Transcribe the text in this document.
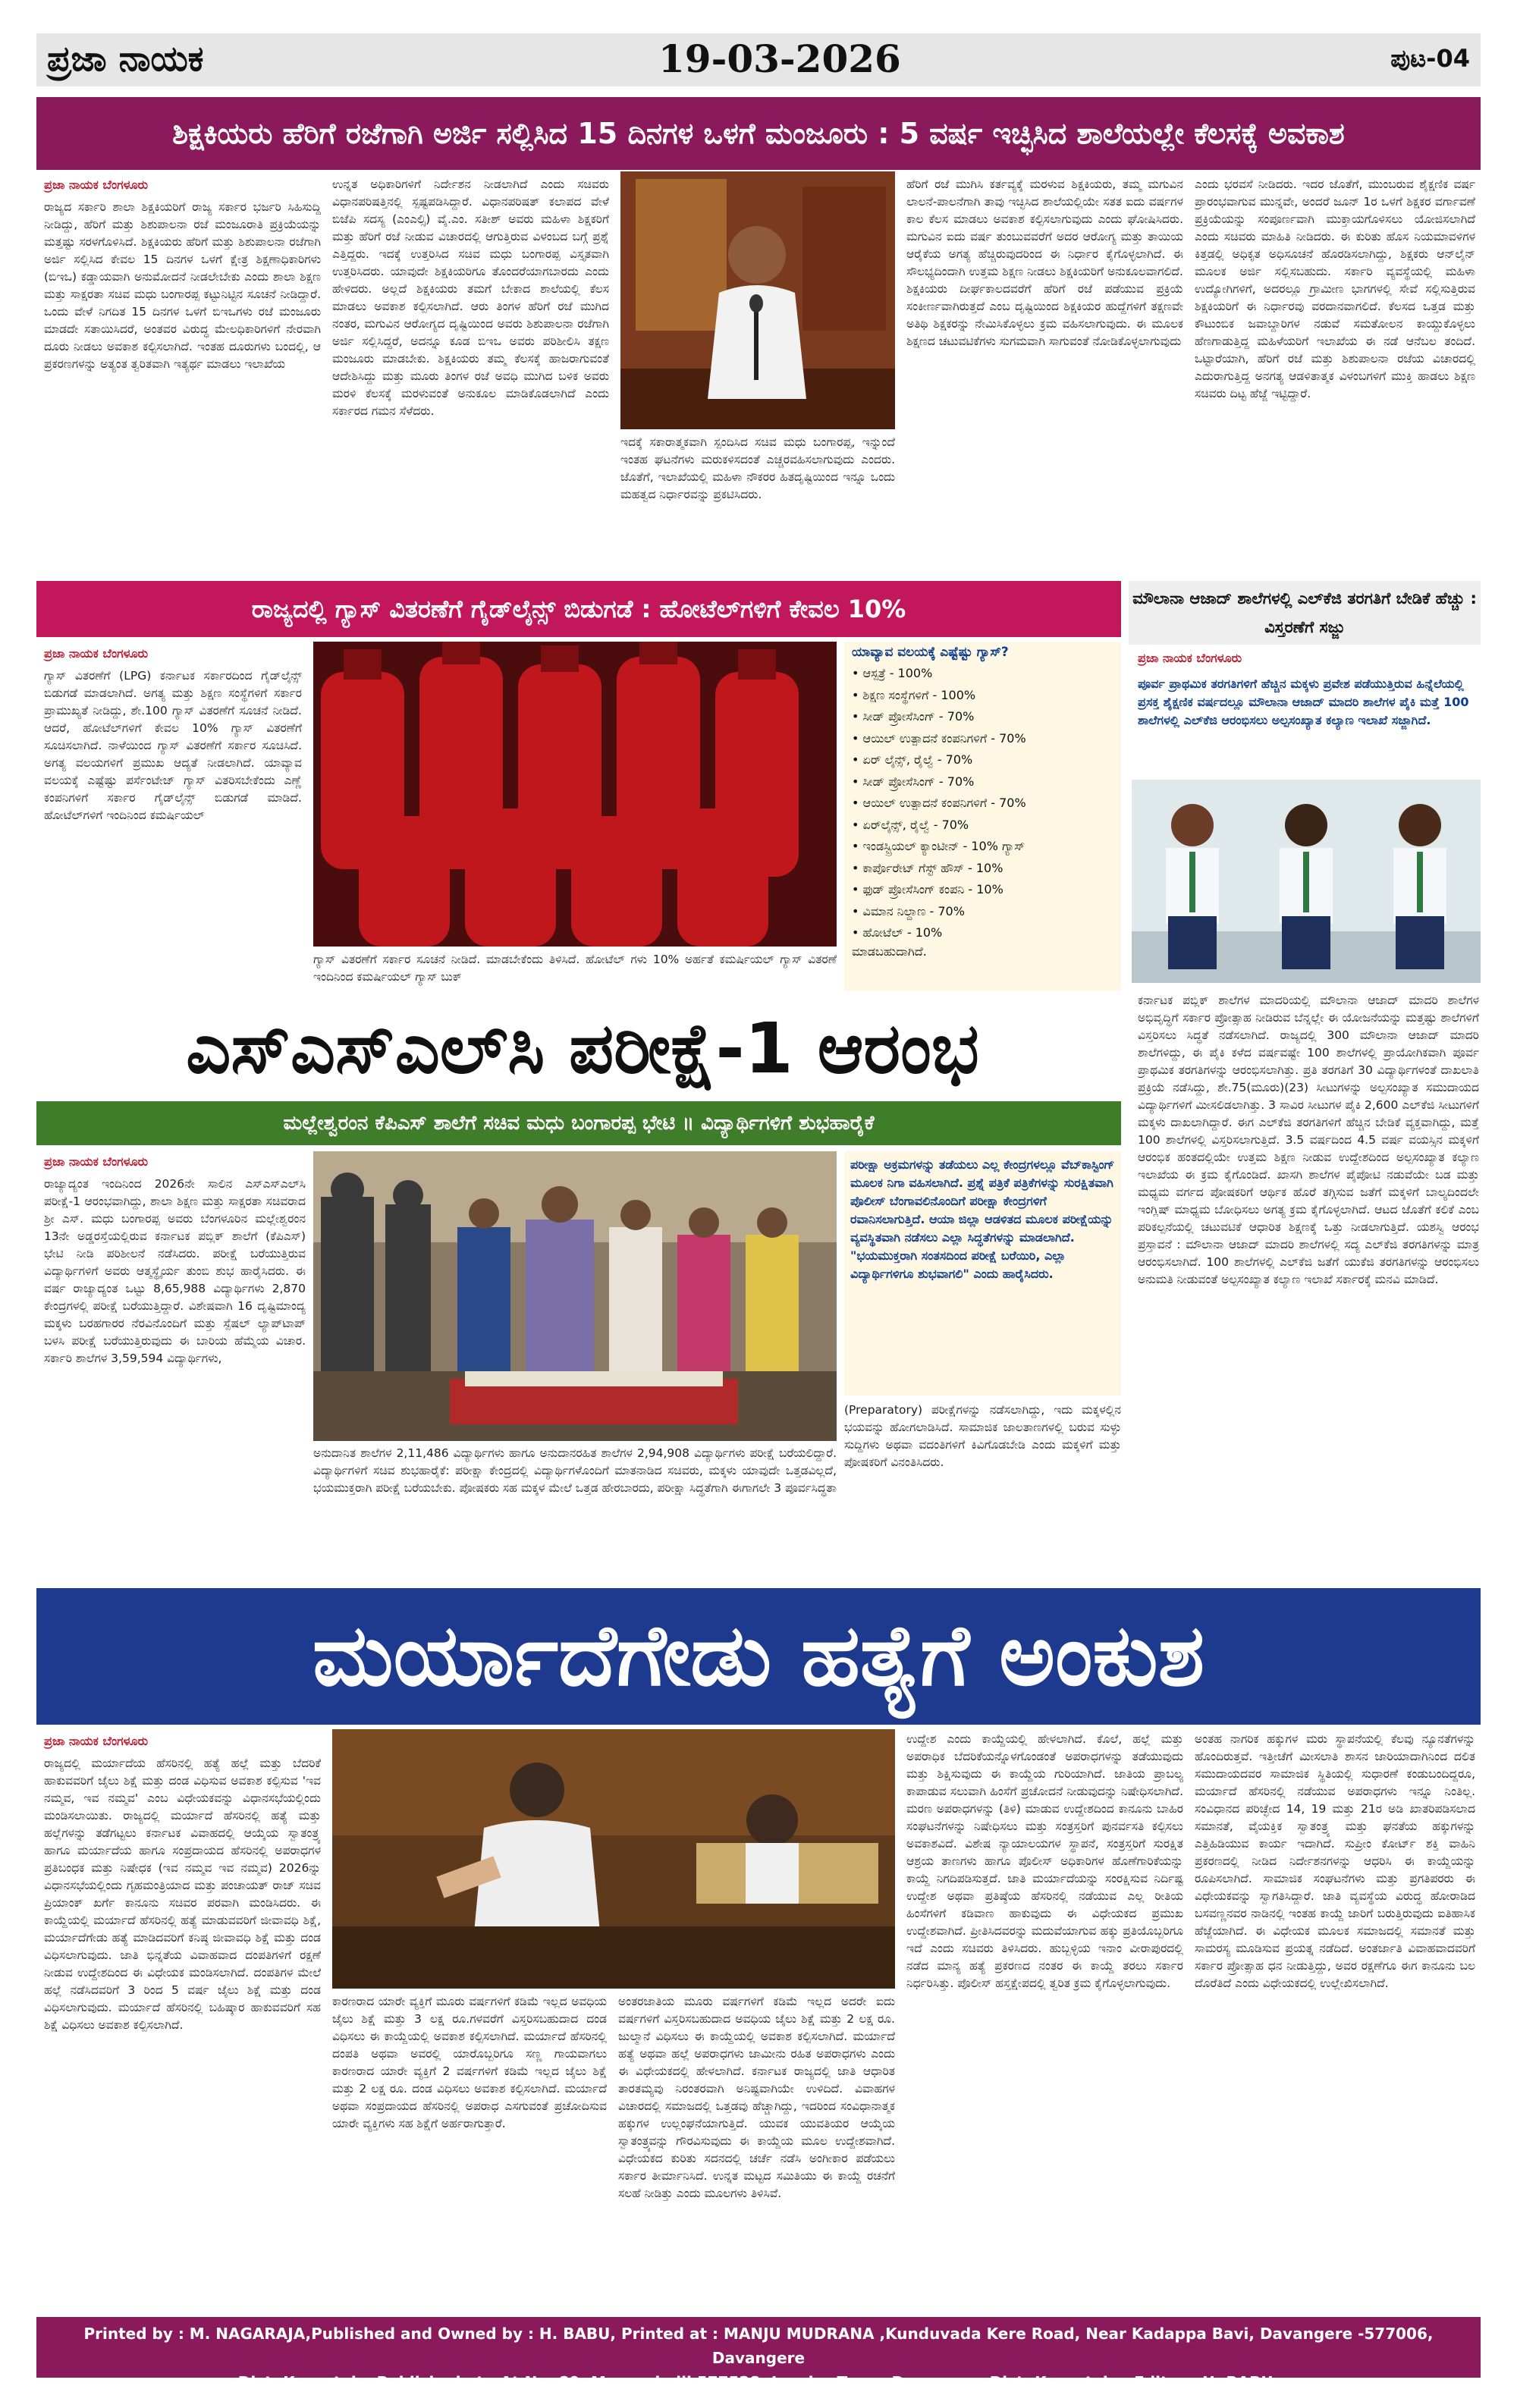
ಪ್ರಜಾ ನಾಯಕ	19-03-2026	ಪುಟ-04
ಶಿಕ್ಷಕಿಯರು ಹೆರಿಗೆ ರಜೆಗಾಗಿ ಅರ್ಜಿ ಸಲ್ಲಿಸಿದ 15 ದಿನಗಳ ಒಳಗೆ ಮಂಜೂರು : 5 ವರ್ಷ ಇಚ್ಛಿಸಿದ ಶಾಲೆಯಲ್ಲೇ ಕೆಲಸಕ್ಕೆ ಅವಕಾಶ
ಪ್ರಜಾ ನಾಯಕ ಬೆಂಗಳೂರು
ರಾಜ್ಯದ ಸರ್ಕಾರಿ ಶಾಲಾ ಶಿಕ್ಷಕಿಯರಿಗೆ ರಾಜ್ಯ ಸರ್ಕಾರ ಭರ್ಜರಿ ಸಿಹಿಸುದ್ದಿ ನೀಡಿದ್ದು, ಹೆರಿಗೆ ಮತ್ತು ಶಿಶುಪಾಲನಾ ರಜೆ ಮಂಜೂರಾತಿ ಪ್ರಕ್ರಿಯೆಯನ್ನು ಮತ್ತಷ್ಟು ಸರಳಗೊಳಿಸಿದೆ. ಶಿಕ್ಷಕಿಯರು ಹೆರಿಗೆ ಮತ್ತು ಶಿಶುಪಾಲನಾ ರಜೆಗಾಗಿ ಅರ್ಜಿ ಸಲ್ಲಿಸಿದ ಕೇವಲ 15 ದಿನಗಳ ಒಳಗೆ ಕ್ಷೇತ್ರ ಶಿಕ್ಷಣಾಧಿಕಾರಿಗಳು (ಬಿಇಒ) ಕಡ್ಡಾಯವಾಗಿ ಅನುಮೋದನೆ ನೀಡಲೇಬೇಕು ಎಂದು ಶಾಲಾ ಶಿಕ್ಷಣ ಮತ್ತು ಸಾಕ್ಷರತಾ ಸಚಿವ ಮಧು ಬಂಗಾರಪ್ಪ ಕಟ್ಟುನಿಟ್ಟಿನ ಸೂಚನೆ ನೀಡಿದ್ದಾರೆ. ಒಂದು ವೇಳೆ ನಿಗದಿತ 15 ದಿನಗಳ ಒಳಗೆ ಬಿಇಒಗಳು ರಜೆ ಮಂಜೂರು ಮಾಡದೇ ಸತಾಯಿಸಿದರೆ, ಅಂತವರ ವಿರುದ್ಧ ಮೇಲಧಿಕಾರಿಗಳಿಗೆ ನೇರವಾಗಿ ದೂರು ನೀಡಲು ಅವಕಾಶ ಕಲ್ಪಿಸಲಾಗಿದೆ. ಇಂತಹ ದೂರುಗಳು ಬಂದಲ್ಲಿ, ಆ ಪ್ರಕರಣಗಳನ್ನು ಅತ್ಯಂತ ತ್ವರಿತವಾಗಿ ಇತ್ಯರ್ಥ ಮಾಡಲು ಇಲಾಖೆಯ
ಉನ್ನತ ಅಧಿಕಾರಿಗಳಿಗೆ ನಿರ್ದೇಶನ ನೀಡಲಾಗಿದೆ ಎಂದು ಸಚಿವರು ವಿಧಾನಪರಿಷತ್ತಿನಲ್ಲಿ ಸ್ಪಷ್ಟಪಡಿಸಿದ್ದಾರೆ. ವಿಧಾನಪರಿಷತ್ ಕಲಾಪದ ವೇಳೆ ಬಿಜೆಪಿ ಸದಸ್ಯ (ಎಂಎಲ್ಸಿ) ವೈ.ಎಂ. ಸತೀಶ್ ಅವರು ಮಹಿಳಾ ಶಿಕ್ಷಕರಿಗೆ ಮತ್ತು ಹೆರಿಗೆ ರಜೆ ನೀಡುವ ವಿಚಾರದಲ್ಲಿ ಆಗುತ್ತಿರುವ ವಿಳಂಬದ ಬಗ್ಗೆ ಪ್ರಶ್ನೆ ಎತ್ತಿದ್ದರು. ಇದಕ್ಕೆ ಉತ್ತರಿಸಿದ ಸಚಿವ ಮಧು ಬಂಗಾರಪ್ಪ ವಿಸ್ತೃತವಾಗಿ ಉತ್ತರಿಸಿದರು. ಯಾವುದೇ ಶಿಕ್ಷಕಿಯರಿಗೂ ತೊಂದರೆಯಾಗಬಾರದು ಎಂದು ಹೇಳಿದರು. ಅಲ್ಲದೆ ಶಿಕ್ಷಕಿಯರು ತಮಗೆ ಬೇಕಾದ ಶಾಲೆಯಲ್ಲಿ ಕೆಲಸ ಮಾಡಲು ಅವಕಾಶ ಕಲ್ಪಿಸಲಾಗಿದೆ. ಆರು ತಿಂಗಳ ಹೆರಿಗೆ ರಜೆ ಮುಗಿದ ನಂತರ, ಮಗುವಿನ ಆರೋಗ್ಯದ ದೃಷ್ಟಿಯಿಂದ ಅವರು ಶಿಶುಪಾಲನಾ ರಜೆಗಾಗಿ ಅರ್ಜಿ ಸಲ್ಲಿಸಿದ್ದರೆ, ಅದನ್ನೂ ಕೂಡ ಬಿಇಒ ಅವರು ಪರಿಶೀಲಿಸಿ ತಕ್ಷಣ ಮಂಜೂರು ಮಾಡಬೇಕು. ಶಿಕ್ಷಕಿಯರು ತಮ್ಮ ಕೆಲಸಕ್ಕೆ ಹಾಜರಾಗುವಂತೆ ಆದೇಶಿಸಿದ್ದು ಮತ್ತು ಮೂರು ತಿಂಗಳ ರಜೆ ಅವಧಿ ಮುಗಿದ ಬಳಿಕ ಅವರು ಮರಳಿ ಕೆಲಸಕ್ಕೆ ಮರಳುವಂತೆ ಅನುಕೂಲ ಮಾಡಿಕೊಡಲಾಗಿದೆ ಎಂದು ಸರ್ಕಾರದ ಗಮನ ಸೆಳೆದರು.
ಇದಕ್ಕೆ ಸಕಾರಾತ್ಮಕವಾಗಿ ಸ್ಪಂದಿಸಿದ ಸಚಿವ ಮಧು ಬಂಗಾರಪ್ಪ, ಇನ್ನುಂದೆ ಇಂತಹ ಘಟನೆಗಳು ಮರುಕಳಿಸದಂತೆ ಎಚ್ಚರವಹಿಸಲಾಗುವುದು ಎಂದರು. ಜೊತೆಗೆ, ಇಲಾಖೆಯಲ್ಲಿ ಮಹಿಳಾ ನೌಕರರ ಹಿತದೃಷ್ಟಿಯಿಂದ ಇನ್ನೂ ಒಂದು ಮಹತ್ವದ ನಿರ್ಧಾರವನ್ನು ಪ್ರಕಟಿಸಿದರು.
ಹೆರಿಗೆ ರಜೆ ಮುಗಿಸಿ ಕರ್ತವ್ಯಕ್ಕೆ ಮರಳುವ ಶಿಕ್ಷಕಿಯರು, ತಮ್ಮ ಮಗುವಿನ ಲಾಲನೆ-ಪಾಲನೆಗಾಗಿ ತಾವು ಇಚ್ಛಿಸಿದ ಶಾಲೆಯಲ್ಲಿಯೇ ಸತತ ಐದು ವರ್ಷಗಳ ಕಾಲ ಕೆಲಸ ಮಾಡಲು ಅವಕಾಶ ಕಲ್ಪಿಸಲಾಗುವುದು ಎಂದು ಘೋಷಿಸಿದರು. ಮಗುವಿನ ಐದು ವರ್ಷ ತುಂಬುವವರೆಗೆ ಅದರ ಆರೋಗ್ಯ ಮತ್ತು ತಾಯಿಯ ಆರೈಕೆಯ ಅಗತ್ಯ ಹೆಚ್ಚಿರುವುದರಿಂದ ಈ ನಿರ್ಧಾರ ಕೈಗೊಳ್ಳಲಾಗಿದೆ. ಈ ಸೌಲಭ್ಯದಿಂದಾಗಿ ಉತ್ತಮ ಶಿಕ್ಷಣ ನೀಡಲು ಶಿಕ್ಷಕಿಯರಿಗೆ ಅನುಕೂಲವಾಗಲಿದೆ. ಶಿಕ್ಷಕಿಯರು ದೀರ್ಘಕಾಲದವರೆಗೆ ಹೆರಿಗೆ ರಜೆ ಪಡೆಯುವ ಪ್ರಕ್ರಿಯೆ ಸಂಕೀರ್ಣವಾಗಿರುತ್ತದೆ ಎಂಬ ದೃಷ್ಟಿಯಿಂದ ಶಿಕ್ಷಕಿಯರ ಹುದ್ದೆಗಳಿಗೆ ತಕ್ಷಣವೇ ಅತಿಥಿ ಶಿಕ್ಷಕರನ್ನು ನೇಮಿಸಿಕೊಳ್ಳಲು ಕ್ರಮ ವಹಿಸಲಾಗುವುದು. ಈ ಮೂಲಕ ಶಿಕ್ಷಣದ ಚಟುವಟಿಕೆಗಳು ಸುಗಮವಾಗಿ ಸಾಗುವಂತೆ ನೋಡಿಕೊಳ್ಳಲಾಗುವುದು
ಎಂದು ಭರವಸೆ ನೀಡಿದರು. ಇದರ ಜೊತೆಗೆ, ಮುಂಬರುವ ಶೈಕ್ಷಣಿಕ ವರ್ಷ ಪ್ರಾರಂಭವಾಗುವ ಮುನ್ನವೇ, ಅಂದರೆ ಜೂನ್ 1ರ ಒಳಗೆ ಶಿಕ್ಷಕರ ವರ್ಗಾವಣೆ ಪ್ರಕ್ರಿಯೆಯನ್ನು ಸಂಪೂರ್ಣವಾಗಿ ಮುಕ್ತಾಯಗೊಳಿಸಲು ಯೋಜಿಸಲಾಗಿದೆ ಎಂದು ಸಚಿವರು ಮಾಹಿತಿ ನೀಡಿದರು. ಈ ಕುರಿತು ಹೊಸ ನಿಯಮಾವಳಿಗಳ ಕಿತ್ತಡಲ್ಲಿ ಅಧಿಕೃತ ಅಧಿಸೂಚನೆ ಹೊರಡಿಸಲಾಗಿದ್ದು, ಶಿಕ್ಷಕರು ಆನ್‌ಲೈನ್ ಮೂಲಕ ಅರ್ಜಿ ಸಲ್ಲಿಸಬಹುದು. ಸರ್ಕಾರಿ ವ್ಯವಸ್ಥೆಯಲ್ಲಿ ಮಹಿಳಾ ಉದ್ಯೋಗಿಗಳಿಗೆ, ಅದರಲ್ಲೂ ಗ್ರಾಮೀಣ ಭಾಗಗಳಲ್ಲಿ ಸೇವೆ ಸಲ್ಲಿಸುತ್ತಿರುವ ಶಿಕ್ಷಕಿಯರಿಗೆ ಈ ನಿರ್ಧಾರವು ವರದಾನವಾಗಲಿದೆ. ಕೆಲಸದ ಒತ್ತಡ ಮತ್ತು ಕೌಟುಂಬಿಕ ಜವಾಬ್ದಾರಿಗಳ ನಡುವೆ ಸಮತೋಲನ ಕಾಯ್ದುಕೊಳ್ಳಲು ಹೆಣಗಾಡುತ್ತಿದ್ದ ಮಹಿಳೆಯರಿಗೆ ಇಲಾಖೆಯ ಈ ನಡೆ ಆನೆಬಲ ತಂದಿದೆ. ಒಟ್ಟಾರೆಯಾಗಿ, ಹೆರಿಗೆ ರಜೆ ಮತ್ತು ಶಿಶುಪಾಲನಾ ರಜೆಯ ವಿಚಾರದಲ್ಲಿ ಎದುರಾಗುತ್ತಿದ್ದ ಅನಗತ್ಯ ಆಡಳಿತಾತ್ಮಕ ವಿಳಂಬಗಳಿಗೆ ಮುಕ್ತಿ ಹಾಡಲು ಶಿಕ್ಷಣ ಸಚಿವರು ದಿಟ್ಟ ಹೆಜ್ಜೆ ಇಟ್ಟಿದ್ದಾರೆ.
ರಾಜ್ಯದಲ್ಲಿ ಗ್ಯಾಸ್ ವಿತರಣೆಗೆ ಗೈಡ್‌ಲೈನ್ಸ್ ಬಿಡುಗಡೆ : ಹೋಟೆಲ್‌ಗಳಿಗೆ ಕೇವಲ 10%
ಪ್ರಜಾ ನಾಯಕ ಬೆಂಗಳೂರು
ಗ್ಯಾಸ್ ವಿತರಣೆಗೆ (LPG) ಕರ್ನಾಟಕ ಸರ್ಕಾರದಿಂದ ಗೈಡ್‌ಲೈನ್ಸ್ ಬಿಡುಗಡೆ ಮಾಡಲಾಗಿದೆ. ಅಗತ್ಯ ಮತ್ತು ಶಿಕ್ಷಣ ಸಂಸ್ಥೆಗಳಿಗೆ ಸರ್ಕಾರ ಪ್ರಾಮುಖ್ಯತೆ ನೀಡಿದ್ದು, ಶೇ.100 ಗ್ಯಾಸ್ ವಿತರಣೆಗೆ ಸೂಚನೆ ನೀಡಿದೆ. ಆದರೆ, ಹೋಟೆಲ್‌ಗಳಿಗೆ ಕೇವಲ 10% ಗ್ಯಾಸ್ ವಿತರಣೆಗೆ ಸೂಚಿಸಲಾಗಿದೆ. ನಾಳೆಯಿಂದ ಗ್ಯಾಸ್ ವಿತರಣೆಗೆ ಸರ್ಕಾರ ಸೂಚಿಸಿದೆ. ಅಗತ್ಯ ವಲಯಗಳಿಗೆ ಪ್ರಮುಖ ಆದ್ಯತೆ ನೀಡಲಾಗಿದೆ. ಯಾವ್ಯಾವ ವಲಯಕ್ಕೆ ಎಷ್ಟೆಷ್ಟು ಪರ್ಸೆಂಟೇಜ್ ಗ್ಯಾಸ್ ವಿತರಿಸಬೇಕೆಂದು ಎಣ್ಣೆ ಕಂಪನಿಗಳಿಗೆ ಸರ್ಕಾರ ಗೈಡ್‌ಲೈನ್ಸ್ ಬಿಡುಗಡೆ ಮಾಡಿದೆ. ಹೋಟೆಲ್‌ಗಳಿಗೆ ಇಂದಿನಿಂದ ಕಮರ್ಷಿಯಲ್
ಗ್ಯಾಸ್ ವಿತರಣೆಗೆ ಸರ್ಕಾರ ಸೂಚನೆ ನೀಡಿದೆ. ಮಾಡಬೇಕೆಂದು ತಿಳಿಸಿದೆ. ಹೋಟೆಲ್ ಗಳು 10% ಅರ್ಹತೆ ಕಮರ್ಷಿಯಲ್ ಗ್ಯಾಸ್ ವಿತರಣೆ ಇಂದಿನಿಂದ ಕಮರ್ಷಿಯಲ್ ಗ್ಯಾಸ್ ಬುಕ್
ಯಾವ್ಯಾವ ವಲಯಕ್ಕೆ ಎಷ್ಟೆಷ್ಟು ಗ್ಯಾಸ್?
• ಆಸ್ಪತ್ರೆ - 100%
• ಶಿಕ್ಷಣ ಸಂಸ್ಥೆಗಳಿಗೆ - 100%
• ಸೀಡ್ ಪ್ರೋಸೆಸಿಂಗ್ - 70%
• ಆಯಿಲ್ ಉತ್ಪಾದನೆ ಕಂಪನಿಗಳಿಗೆ - 70%
• ಏರ್ ಲೈನ್ಸ್, ರೈಲ್ವೆ - 70%
• ಸೀಡ್ ಪ್ರೋಸೆಸಿಂಗ್ - 70%
• ಆಯಿಲ್ ಉತ್ಪಾದನೆ ಕಂಪನಿಗಳಿಗೆ - 70%
• ಏರ್‌ಲೈನ್ಸ್, ರೈಲ್ವೆ - 70%
• ಇಂಡಸ್ಟ್ರಿಯಲ್ ಕ್ಯಾಂಟೀನ್ - 10% ಗ್ಯಾಸ್
• ಕಾರ್ಪೊರೇಟ್ ಗೆಸ್ಟ್ ಹೌಸ್ - 10%
• ಫುಡ್ ಪ್ರೋಸೆಸಿಂಗ್ ಕಂಪನಿ - 10%
• ವಿಮಾನ ನಿಲ್ದಾಣ - 70%
• ಹೋಟೆಲ್ - 10%
ಮಾಡಬಹುದಾಗಿದೆ.
ಮೌಲಾನಾ ಆಜಾದ್ ಶಾಲೆಗಳಲ್ಲಿ ಎಲ್‌ಕೆಜಿ ತರಗತಿಗೆ ಬೇಡಿಕೆ ಹೆಚ್ಚು : ವಿಸ್ತರಣೆಗೆ ಸಜ್ಜು
ಪ್ರಜಾ ನಾಯಕ ಬೆಂಗಳೂರು
ಪೂರ್ವ ಪ್ರಾಥಮಿಕ ತರಗತಿಗಳಿಗೆ ಹೆಚ್ಚಿನ ಮಕ್ಕಳು ಪ್ರವೇಶ ಪಡೆಯುತ್ತಿರುವ ಹಿನ್ನೆಲೆಯಲ್ಲಿ ಪ್ರಸಕ್ತ ಶೈಕ್ಷಣಿಕ ವರ್ಷದಲ್ಲೂ ಮೌಲಾನಾ ಆಜಾದ್ ಮಾದರಿ ಶಾಲೆಗಳ ಪೈಕಿ ಮತ್ತೆ 100 ಶಾಲೆಗಳಲ್ಲಿ ಎಲ್‌ಕೆಜಿ ಆರಂಭಿಸಲು ಅಲ್ಪಸಂಖ್ಯಾತ ಕಲ್ಯಾಣ ಇಲಾಖೆ ಸಜ್ಜಾಗಿದೆ.
ಕರ್ನಾಟಕ ಪಬ್ಲಿಕ್ ಶಾಲೆಗಳ ಮಾದರಿಯಲ್ಲಿ ಮೌಲಾನಾ ಆಜಾದ್ ಮಾದರಿ ಶಾಲೆಗಳ ಅಭಿವೃದ್ಧಿಗೆ ಸರ್ಕಾರ ಪ್ರೋತ್ಸಾಹ ನೀಡಿರುವ ಬೆನ್ನಲ್ಲೇ ಈ ಯೋಜನೆಯನ್ನು ಮತ್ತಷ್ಟು ಶಾಲೆಗಳಿಗೆ ವಿಸ್ತರಿಸಲು ಸಿದ್ಧತೆ ನಡೆಸಲಾಗಿದೆ. ರಾಜ್ಯದಲ್ಲಿ 300 ಮೌಲಾನಾ ಆಜಾದ್ ಮಾದರಿ ಶಾಲೆಗಳಿದ್ದು, ಈ ಪೈಕಿ ಕಳೆದ ವರ್ಷವಷ್ಟೇ 100 ಶಾಲೆಗಳಲ್ಲಿ ಪ್ರಾಯೋಗಿಕವಾಗಿ ಪೂರ್ವ ಪ್ರಾಥಮಿಕ ತರಗತಿಗಳನ್ನು ಆರಂಭಿಸಲಾಗಿತ್ತು. ಪ್ರತಿ ತರಗತಿಗೆ 30 ವಿದ್ಯಾರ್ಥಿಗಳಂತೆ ದಾಖಲಾತಿ ಪ್ರಕ್ರಿಯೆ ನಡೆಸಿದ್ದು, ಶೇ.75(ಮೂರು)(23) ಸೀಟುಗಳನ್ನು ಅಲ್ಪಸಂಖ್ಯಾತ ಸಮುದಾಯದ ವಿದ್ಯಾರ್ಥಿಗಳಿಗೆ ಮೀಸಲಿಡಲಾಗಿತ್ತು. 3 ಸಾವಿರ ಸೀಟುಗಳ ಪೈಕಿ 2,600 ಎಲ್‌ಕೆಜಿ ಸೀಟುಗಳಿಗೆ ಮಕ್ಕಳು ದಾಖಲಾಗಿದ್ದಾರೆ. ಈಗ ಎಲ್‌ಕೆಜಿ ತರಗತಿಗಳಿಗೆ ಹೆಚ್ಚಿನ ಬೇಡಿಕೆ ವ್ಯಕ್ತವಾಗಿದ್ದು, ಮತ್ತೆ 100 ಶಾಲೆಗಳಲ್ಲಿ ವಿಸ್ತರಿಸಲಾಗುತ್ತಿದೆ. 3.5 ವರ್ಷದಿಂದ 4.5 ವರ್ಷ ವಯಸ್ಸಿನ ಮಕ್ಕಳಿಗೆ ಆರಂಭಿಕ ಹಂತದಲ್ಲಿಯೇ ಉತ್ತಮ ಶಿಕ್ಷಣ ನೀಡುವ ಉದ್ದೇಶದಿಂದ ಅಲ್ಪಸಂಖ್ಯಾತ ಕಲ್ಯಾಣ ಇಲಾಖೆಯ ಈ ಕ್ರಮ ಕೈಗೊಂಡಿದೆ. ಖಾಸಗಿ ಶಾಲೆಗಳ ಪೈಪೋಟಿ ನಡುವೆಯೇ ಬಡ ಮತ್ತು ಮಧ್ಯಮ ವರ್ಗದ ಪೋಷಕರಿಗೆ ಆರ್ಥಿಕ ಹೊರೆ ತಗ್ಗಿಸುವ ಜತೆಗೆ ಮಕ್ಕಳಿಗೆ ಬಾಲ್ಯದಿಂದಲೇ ಇಂಗ್ಲಿಷ್ ಮಾಧ್ಯಮ ಬೋಧಿಸಲು ಅಗತ್ಯ ಕ್ರಮ ಕೈಗೊಳ್ಳಲಾಗಿದೆ. ಆಟದ ಜೊತೆಗೆ ಕಲಿಕೆ ಎಂಬ ಪರಿಕಲ್ಪನೆಯಲ್ಲಿ ಚಟುವಟಿಕೆ ಆಧಾರಿತ ಶಿಕ್ಷಣಕ್ಕೆ ಒತ್ತು ನೀಡಲಾಗುತ್ತಿದೆ. ಯಶಸ್ವಿ ಆರಂಭ ಪ್ರಸ್ತಾವನೆ : ಮೌಲಾನಾ ಆಜಾದ್ ಮಾದರಿ ಶಾಲೆಗಳಲ್ಲಿ ಸದ್ಯ ಎಲ್‌ಕೆಜಿ ತರಗತಿಗಳನ್ನು ಮಾತ್ರ ಆರಂಭಿಸಲಾಗಿದೆ. 100 ಶಾಲೆಗಳಲ್ಲಿ ಎಲ್‌ಕೆಜಿ ಜತೆಗೆ ಯುಕೆಜಿ ತರಗತಿಗಳನ್ನು ಆರಂಭಿಸಲು ಅನುಮತಿ ನೀಡುವಂತೆ ಅಲ್ಪಸಂಖ್ಯಾತ ಕಲ್ಯಾಣ ಇಲಾಖೆ ಸರ್ಕಾರಕ್ಕೆ ಮನವಿ ಮಾಡಿದೆ.
ಎಸ್‌ಎಸ್‌ಎಲ್‌ಸಿ ಪರೀಕ್ಷೆ-1 ಆರಂಭ
ಮಲ್ಲೇಶ್ವರಂನ ಕೆಪಿಎಸ್ ಶಾಲೆಗೆ ಸಚಿವ ಮಧು ಬಂಗಾರಪ್ಪ ಭೇಟಿ ॥ ವಿದ್ಯಾರ್ಥಿಗಳಿಗೆ ಶುಭಹಾರೈಕೆ
ಪ್ರಜಾ ನಾಯಕ ಬೆಂಗಳೂರು
ರಾಜ್ಯಾದ್ಯಂತ ಇಂದಿನಿಂದ 2026ನೇ ಸಾಲಿನ ಎಸ್‌ಎಸ್‌ಎಲ್‌ಸಿ ಪರೀಕ್ಷೆ-1 ಆರಂಭವಾಗಿದ್ದು, ಶಾಲಾ ಶಿಕ್ಷಣ ಮತ್ತು ಸಾಕ್ಷರತಾ ಸಚಿವರಾದ ಶ್ರೀ ಎಸ್. ಮಧು ಬಂಗಾರಪ್ಪ ಅವರು ಬೆಂಗಳೂರಿನ ಮಲ್ಲೇಶ್ವರಂನ 13ನೇ ಅಡ್ಡರಸ್ತೆಯಲ್ಲಿರುವ ಕರ್ನಾಟಕ ಪಬ್ಲಿಕ್ ಶಾಲೆಗೆ (ಕೆಪಿಎಸ್) ಭೇಟಿ ನೀಡಿ ಪರಿಶೀಲನೆ ನಡೆಸಿದರು. ಪರೀಕ್ಷೆ ಬರೆಯುತ್ತಿರುವ ವಿದ್ಯಾರ್ಥಿಗಳಿಗೆ ಅವರು ಆತ್ಮಸ್ಥೈರ್ಯ ತುಂಬಿ ಶುಭ ಹಾರೈಸಿದರು. ಈ ವರ್ಷ ರಾಜ್ಯಾದ್ಯಂತ ಒಟ್ಟು 8,65,988 ವಿದ್ಯಾರ್ಥಿಗಳು 2,870 ಕೇಂದ್ರಗಳಲ್ಲಿ ಪರೀಕ್ಷೆ ಬರೆಯುತ್ತಿದ್ದಾರೆ. ವಿಶೇಷವಾಗಿ 16 ದೃಷ್ಟಿಮಾಂದ್ಯ ಮಕ್ಕಳು ಬರಹಗಾರರ ನೆರವಿನೊಂದಿಗೆ ಮತ್ತು ಸ್ಪೆಷಲ್ ಲ್ಯಾಪ್‌ಟಾಪ್ ಬಳಸಿ ಪರೀಕ್ಷೆ ಬರೆಯುತ್ತಿರುವುದು ಈ ಬಾರಿಯ ಹೆಮ್ಮೆಯ ವಿಚಾರ. ಸರ್ಕಾರಿ ಶಾಲೆಗಳ 3,59,594 ವಿದ್ಯಾರ್ಥಿಗಳು,
ಅನುದಾನಿತ ಶಾಲೆಗಳ 2,11,486 ವಿದ್ಯಾರ್ಥಿಗಳು ಹಾಗೂ ಅನುದಾನರಹಿತ ಶಾಲೆಗಳ 2,94,908 ವಿದ್ಯಾರ್ಥಿಗಳು ಪರೀಕ್ಷೆ ಬರೆಯಲಿದ್ದಾರೆ. ವಿದ್ಯಾರ್ಥಿಗಳಿಗೆ ಸಚಿವ ಶುಭಹಾರೈಕೆ: ಪರೀಕ್ಷಾ ಕೇಂದ್ರದಲ್ಲಿ ವಿದ್ಯಾರ್ಥಿಗಳೊಂದಿಗೆ ಮಾತನಾಡಿದ ಸಚಿವರು, ಮಕ್ಕಳು ಯಾವುದೇ ಒತ್ತಡವಿಲ್ಲದೆ, ಭಯಮುಕ್ತರಾಗಿ ಪರೀಕ್ಷೆ ಬರೆಯಬೇಕು. ಪೋಷಕರು ಸಹ ಮಕ್ಕಳ ಮೇಲೆ ಒತ್ತಡ ಹೇರಬಾರದು, ಪರೀಕ್ಷಾ ಸಿದ್ಧತೆಗಾಗಿ ಈಗಾಗಲೇ 3 ಪೂರ್ವಸಿದ್ಧತಾ
ಪರೀಕ್ಷಾ ಅಕ್ರಮಗಳನ್ನು ತಡೆಯಲು ಎಲ್ಲ ಕೇಂದ್ರಗಳಲ್ಲೂ ವೆಬ್‌ಕಾಸ್ಟಿಂಗ್ ಮೂಲಕ ನಿಗಾ ವಹಿಸಲಾಗಿದೆ. ಪ್ರಶ್ನೆ ಪತ್ರಿಕೆ ಪತ್ರಿಕೆಗಳನ್ನು ಸುರಕ್ಷಿತವಾಗಿ ಪೊಲೀಸ್ ಬೆಂಗಾವಲಿನೊಂದಿಗೆ ಪರೀಕ್ಷಾ ಕೇಂದ್ರಗಳಿಗೆ ರವಾನಿಸಲಾಗುತ್ತಿದೆ. ಆಯಾ ಜಿಲ್ಲಾ ಆಡಳಿತದ ಮೂಲಕ ಪರೀಕ್ಷೆಯನ್ನು ವ್ಯವಸ್ಥಿತವಾಗಿ ನಡೆಸಲು ಎಲ್ಲಾ ಸಿದ್ಧತೆಗಳನ್ನು ಮಾಡಲಾಗಿದೆ. "ಭಯಮುಕ್ತರಾಗಿ ಸಂತಸದಿಂದ ಪರೀಕ್ಷೆ ಬರೆಯಿರಿ, ಎಲ್ಲಾ ವಿದ್ಯಾರ್ಥಿಗಳಿಗೂ ಶುಭವಾಗಲಿ" ಎಂದು ಹಾರೈಸಿದರು.
(Preparatory) ಪರೀಕ್ಷೆಗಳನ್ನು ನಡೆಸಲಾಗಿದ್ದು, ಇದು ಮಕ್ಕಳಲ್ಲಿನ ಭಯವನ್ನು ಹೋಗಲಾಡಿಸಿದೆ. ಸಾಮಾಜಿಕ ಜಾಲತಾಣಗಳಲ್ಲಿ ಬರುವ ಸುಳ್ಳು ಸುದ್ದಿಗಳು ಅಥವಾ ವದಂತಿಗಳಿಗೆ ಕಿವಿಗೊಡಬೇಡಿ ಎಂದು ಮಕ್ಕಳಿಗೆ ಮತ್ತು ಪೋಷಕರಿಗೆ ವಿನಂತಿಸಿದರು.
ಮರ್ಯಾದೆಗೇಡು ಹತ್ಯೆಗೆ ಅಂಕುಶ
ಪ್ರಜಾ ನಾಯಕ ಬೆಂಗಳೂರು
ರಾಜ್ಯದಲ್ಲಿ ಮರ್ಯಾದೆಯ ಹೆಸರಿನಲ್ಲಿ ಹತ್ಯೆ ಹಲ್ಲೆ ಮತ್ತು ಬೆದರಿಕೆ ಹಾಕುವವರಿಗೆ ಜೈಲು ಶಿಕ್ಷೆ ಮತ್ತು ದಂಡ ವಿಧಿಸುವ ಅವಕಾಶ ಕಲ್ಪಿಸುವ 'ಇವ ನಮ್ಮವ, ಇವ ನಮ್ಮವ' ಎಂಬ ವಿಧೇಯಕವನ್ನು ವಿಧಾನಸಭೆಯಲ್ಲಿಂದು ಮಂಡಿಸಲಾಯಿತು. ರಾಜ್ಯದಲ್ಲಿ ಮರ್ಯಾದೆ ಹೆಸರಿನಲ್ಲಿ ಹತ್ಯೆ ಮತ್ತು ಹಲ್ಲೆಗಳನ್ನು ತಡೆಗಟ್ಟಲು ಕರ್ನಾಟಕ ವಿವಾಹದಲ್ಲಿ ಆಯ್ಕೆಯ ಸ್ವಾತಂತ್ರ್ಯ ಹಾಗೂ ಮರ್ಯಾದೆಯ ಹಾಗೂ ಸಂಪ್ರದಾಯದ ಹೆಸರಿನಲ್ಲಿ ಅಪರಾಧಗಳ ಪ್ರತಿಬಂಧಕ ಮತ್ತು ನಿಷೇಧಕ (ಇವ ನಮ್ಮವ ಇವ ನಮ್ಮವ) 2026ನ್ನು ವಿಧಾನಸಭೆಯಲ್ಲಿಂದು ಗೃಹಮಂತ್ರಿಯಾದ ಮತ್ತು ಪಂಚಾಯತ್ ರಾಜ್ ಸಚಿವ ಪ್ರಿಯಾಂಕ್ ಖರ್ಗೆ ಕಾನೂನು ಸಚಿವರ ಪರವಾಗಿ ಮಂಡಿಸಿದರು. ಈ ಕಾಯ್ದೆಯಲ್ಲಿ ಮರ್ಯಾದೆ ಹೆಸರಿನಲ್ಲಿ ಹತ್ಯೆ ಮಾಡುವವರಿಗೆ ಜೀವಾವಧಿ ಶಿಕ್ಷೆ, ಮರ್ಯಾದೆಗೇಡು ಹತ್ಯೆ ಮಾಡಿದವರಿಗೆ ಕನಿಷ್ಠ ಜೀವಾವಧಿ ಶಿಕ್ಷೆ ಮತ್ತು ದಂಡ ವಿಧಿಸಲಾಗುವುದು. ಜಾತಿ ಭಿನ್ನತೆಯ ವಿವಾಹವಾದ ದಂಪತಿಗಳಿಗೆ ರಕ್ಷಣೆ ನೀಡುವ ಉದ್ದೇಶದಿಂದ ಈ ವಿಧೇಯಕ ಮಂಡಿಸಲಾಗಿದೆ. ದಂಪತಿಗಳ ಮೇಲೆ ಹಲ್ಲೆ ನಡೆಸಿದವರಿಗೆ 3 ರಿಂದ 5 ವರ್ಷ ಜೈಲು ಶಿಕ್ಷೆ ಮತ್ತು ದಂಡ ವಿಧಿಸಲಾಗುವುದು. ಮರ್ಯಾದೆ ಹೆಸರಿನಲ್ಲಿ ಬಹಿಷ್ಕಾರ ಹಾಕುವವರಿಗೆ ಸಹ ಶಿಕ್ಷೆ ವಿಧಿಸಲು ಅವಕಾಶ ಕಲ್ಪಿಸಲಾಗಿದೆ.
ಕಾರಣರಾದ ಯಾರೇ ವ್ಯಕ್ತಿಗೆ ಮೂರು ವರ್ಷಗಳಿಗೆ ಕಡಿಮೆ ಇಲ್ಲದ ಅವಧಿಯ ಜೈಲು ಶಿಕ್ಷೆ ಮತ್ತು 3 ಲಕ್ಷ ರೂ.ಗಳವರೆಗೆ ವಿಸ್ತರಿಸಬಹುದಾದ ದಂಡ ವಿಧಿಸಲು ಈ ಕಾಯ್ದೆಯಲ್ಲಿ ಅವಕಾಶ ಕಲ್ಪಿಸಲಾಗಿದೆ. ಮರ್ಯಾದೆ ಹೆಸರಿನಲ್ಲಿ ದಂಪತಿ ಅಥವಾ ಅವರಲ್ಲಿ ಯಾರೊಬ್ಬರಿಗೂ ಸಣ್ಣ ಗಾಯವಾಗಲು ಕಾರಣರಾದ ಯಾರೇ ವ್ಯಕ್ತಿಗೆ 2 ವರ್ಷಗಳಿಗೆ ಕಡಿಮೆ ಇಲ್ಲದ ಜೈಲು ಶಿಕ್ಷೆ ಮತ್ತು 2 ಲಕ್ಷ ರೂ. ದಂಡ ವಿಧಿಸಲು ಅವಕಾಶ ಕಲ್ಪಿಸಲಾಗಿದೆ. ಮರ್ಯಾದೆ ಅಥವಾ ಸಂಪ್ರದಾಯದ ಹೆಸರಿನಲ್ಲಿ ಅಪರಾಧ ಎಸಗುವಂತೆ ಪ್ರಚೋದಿಸುವ ಯಾರೇ ವ್ಯಕ್ತಿಗಳು ಸಹ ಶಿಕ್ಷೆಗೆ ಅರ್ಹರಾಗುತ್ತಾರೆ.
ಅಂತರಜಾತಿಯ ಮೂರು ವರ್ಷಗಳಿಗೆ ಕಡಿಮೆ ಇಲ್ಲದ ಅದರೇ ಐದು ವರ್ಷಗಳಿಗೆ ವಿಸ್ತರಿಸಬಹುದಾದ ಅವಧಿಯ ಜೈಲು ಶಿಕ್ಷೆ ಮತ್ತು 2 ಲಕ್ಷ ರೂ. ಜುಲ್ಮಾನೆ ವಿಧಿಸಲು ಈ ಕಾಯ್ದೆಯಲ್ಲಿ ಅವಕಾಶ ಕಲ್ಪಿಸಲಾಗಿದೆ. ಮರ್ಯಾದೆ ಹತ್ಯೆ ಅಥವಾ ಹಲ್ಲೆ ಅಪರಾಧಗಳು ಜಾಮೀನು ರಹಿತ ಅಪರಾಧಗಳು ಎಂದು ಈ ವಿಧೇಯಕದಲ್ಲಿ ಹೇಳಲಾಗಿದೆ. ಕರ್ನಾಟಕ ರಾಜ್ಯದಲ್ಲಿ ಜಾತಿ ಆಧಾರಿತ ತಾರತಮ್ಯವು ನಿರಂತರವಾಗಿ ಅನಿಷ್ಟವಾಗಿಯೇ ಉಳಿದಿದೆ. ವಿವಾಹಗಳ ವಿಚಾರದಲ್ಲಿ ಸಮಾಜದಲ್ಲಿ ಒತ್ತಡವು ಹೆಚ್ಚಾಗಿದ್ದು, ಇದರಿಂದ ಸಂವಿಧಾನಾತ್ಮಕ ಹಕ್ಕುಗಳ ಉಲ್ಲಂಘನೆಯಾಗುತ್ತಿದೆ. ಯುವಕ ಯುವತಿಯರ ಆಯ್ಕೆಯ ಸ್ವಾತಂತ್ರ್ಯವನ್ನು ಗೌರವಿಸುವುದು ಈ ಕಾಯ್ದೆಯ ಮೂಲ ಉದ್ದೇಶವಾಗಿದೆ. ವಿಧೇಯಕದ ಕುರಿತು ಸದನದಲ್ಲಿ ಚರ್ಚೆ ನಡೆಸಿ ಅಂಗೀಕಾರ ಪಡೆಯಲು ಸರ್ಕಾರ ತೀರ್ಮಾನಿಸಿದೆ. ಉನ್ನತ ಮಟ್ಟದ ಸಮಿತಿಯು ಈ ಕಾಯ್ದೆ ರಚನೆಗೆ ಸಲಹೆ ನೀಡಿತ್ತು ಎಂದು ಮೂಲಗಳು ತಿಳಿಸಿವೆ.
ಉದ್ದೇಶ ಎಂದು ಕಾಯ್ದೆಯಲ್ಲಿ ಹೇಳಲಾಗಿದೆ. ಕೊಲೆ, ಹಲ್ಲೆ ಮತ್ತು ಅಪರಾಧಿಕ ಬೆದರಿಕೆಯನ್ನೊಳಗೊಂಡಂತೆ ಅಪರಾಧಗಳನ್ನು ತಡೆಯುವುದು ಮತ್ತು ಶಿಕ್ಷಿಸುವುದು ಈ ಕಾಯ್ದೆಯ ಗುರಿಯಾಗಿದೆ. ಜಾತಿಯ ಪ್ರಾಬಲ್ಯ ಕಾಪಾಡುವ ಸಲುವಾಗಿ ಹಿಂಸೆಗೆ ಪ್ರಚೋದನೆ ನೀಡುವುದನ್ನು ನಿಷೇಧಿಸಲಾಗಿದೆ. ಮರಣ ಅಪರಾಧಗಳನ್ನು (ತಿಳಿ) ಮಾಡುವ ಉದ್ದೇಶದಿಂದ ಕಾನೂನು ಬಾಹಿರ ಸಂಘಟನೆಗಳನ್ನು ನಿಷೇಧಿಸಲು ಮತ್ತು ಸಂತ್ರಸ್ತರಿಗೆ ಪುನರ್ವಸತಿ ಕಲ್ಪಿಸಲು ಅವಕಾಶವಿದೆ. ವಿಶೇಷ ನ್ಯಾಯಾಲಯಗಳ ಸ್ಥಾಪನೆ, ಸಂತ್ರಸ್ತರಿಗೆ ಸುರಕ್ಷಿತ ಆಶ್ರಯ ತಾಣಗಳು ಹಾಗೂ ಪೊಲೀಸ್ ಅಧಿಕಾರಿಗಳ ಹೊಣೆಗಾರಿಕೆಯನ್ನು ಕಾಯ್ದೆ ನಿಗದಿಪಡಿಸುತ್ತದೆ. ಜಾತಿ ಮರ್ಯಾದೆಯನ್ನು ಸಂರಕ್ಷಿಸುವ ನಿರ್ದಿಷ್ಟ ಉದ್ದೇಶ ಅಥವಾ ಪ್ರತಿಷ್ಠೆಯ ಹೆಸರಿನಲ್ಲಿ ನಡೆಯುವ ಎಲ್ಲ ರೀತಿಯ ಹಿಂಸೆಗಳಿಗೆ ಕಡಿವಾಣ ಹಾಕುವುದು ಈ ವಿಧೇಯಕದ ಪ್ರಮುಖ ಉದ್ದೇಶವಾಗಿದೆ. ಪ್ರೀತಿಸಿದವರನ್ನು ಮದುವೆಯಾಗುವ ಹಕ್ಕು ಪ್ರತಿಯೊಬ್ಬರಿಗೂ ಇದೆ ಎಂದು ಸಚಿವರು ತಿಳಿಸಿದರು. ಹುಬ್ಬಳ್ಳಿಯ ಇನಾಂ ವೀರಾಪುರದಲ್ಲಿ ನಡೆದ ಮಾನ್ಯ ಹತ್ಯೆ ಪ್ರಕರಣದ ನಂತರ ಈ ಕಾಯ್ದೆ ತರಲು ಸರ್ಕಾರ ನಿರ್ಧರಿಸಿತ್ತು. ಪೊಲೀಸ್ ಹಸ್ತಕ್ಷೇಪದಲ್ಲಿ ತ್ವರಿತ ಕ್ರಮ ಕೈಗೊಳ್ಳಲಾಗುವುದು.
ಅಂತಹ ನಾಗರಿಕ ಹಕ್ಕುಗಳ ಮರು ಸ್ಥಾಪನೆಯಲ್ಲಿ ಕೆಲವು ನ್ಯೂನತೆಗಳನ್ನು ಹೊಂದಿರುತ್ತವೆ. ಇತ್ತೀಚೆಗೆ ಮೀಸಲಾತಿ ಶಾಸನ ಜಾರಿಯಾದಾಗಿನಿಂದ ದಲಿತ ಸಮುದಾಯದವರ ಸಾಮಾಜಿಕ ಸ್ಥಿತಿಯಲ್ಲಿ ಸುಧಾರಣೆ ಕಂಡುಬಂದಿದ್ದರೂ, ಮರ್ಯಾದೆ ಹೆಸರಿನಲ್ಲಿ ನಡೆಯುವ ಅಪರಾಧಗಳು ಇನ್ನೂ ನಿಂತಿಲ್ಲ. ಸಂವಿಧಾನದ ಪರಿಚ್ಛೇದ 14, 19 ಮತ್ತು 21ರ ಅಡಿ ಖಾತರಿಪಡಿಸಲಾದ ಸಮಾನತೆ, ವೈಯಕ್ತಿಕ ಸ್ವಾತಂತ್ರ್ಯ ಮತ್ತು ಘನತೆಯ ಹಕ್ಕುಗಳನ್ನು ಎತ್ತಿಹಿಡಿಯುವ ಕಾರ್ಯ ಇದಾಗಿದೆ. ಸುಪ್ರೀಂ ಕೋರ್ಟ್ ಶಕ್ತಿ ವಾಹಿನಿ ಪ್ರಕರಣದಲ್ಲಿ ನೀಡಿದ ನಿರ್ದೇಶನಗಳನ್ನು ಆಧರಿಸಿ ಈ ಕಾಯ್ದೆಯನ್ನು ರೂಪಿಸಲಾಗಿದೆ. ಸಾಮಾಜಿಕ ಸಂಘಟನೆಗಳು ಮತ್ತು ಪ್ರಗತಿಪರರು ಈ ವಿಧೇಯಕವನ್ನು ಸ್ವಾಗತಿಸಿದ್ದಾರೆ. ಜಾತಿ ವ್ಯವಸ್ಥೆಯ ವಿರುದ್ಧ ಹೋರಾಡಿದ ಬಸವಣ್ಣನವರ ನಾಡಿನಲ್ಲಿ ಇಂತಹ ಕಾಯ್ದೆ ಜಾರಿಗೆ ಬರುತ್ತಿರುವುದು ಐತಿಹಾಸಿಕ ಹೆಜ್ಜೆಯಾಗಿದೆ. ಈ ವಿಧೇಯಕ ಮೂಲಕ ಸಮಾಜದಲ್ಲಿ ಸಮಾನತೆ ಮತ್ತು ಸಾಮರಸ್ಯ ಮೂಡಿಸುವ ಪ್ರಯತ್ನ ನಡೆದಿದೆ. ಅಂತರ್ಜಾತಿ ವಿವಾಹವಾದವರಿಗೆ ಸರ್ಕಾರ ಪ್ರೋತ್ಸಾಹ ಧನ ನೀಡುತ್ತಿದ್ದು, ಅವರ ರಕ್ಷಣೆಗೂ ಈಗ ಕಾನೂನು ಬಲ ದೊರೆತಿದೆ ಎಂದು ವಿಧೇಯಕದಲ್ಲಿ ಉಲ್ಲೇಖಿಸಲಾಗಿದೆ.
Printed by : M. NAGARAJA,Published and Owned by : H. BABU, Printed at : MANJU MUDRANA ,Kunduvada Kere Road, Near Kadappa Bavi, Davangere -577006, Davangere
Dist, Karnataka Published at : At No .89, Marenahalli 577528, Jagalur Town, Davangere Dist, Karnataka. Editor : H. BABU.
